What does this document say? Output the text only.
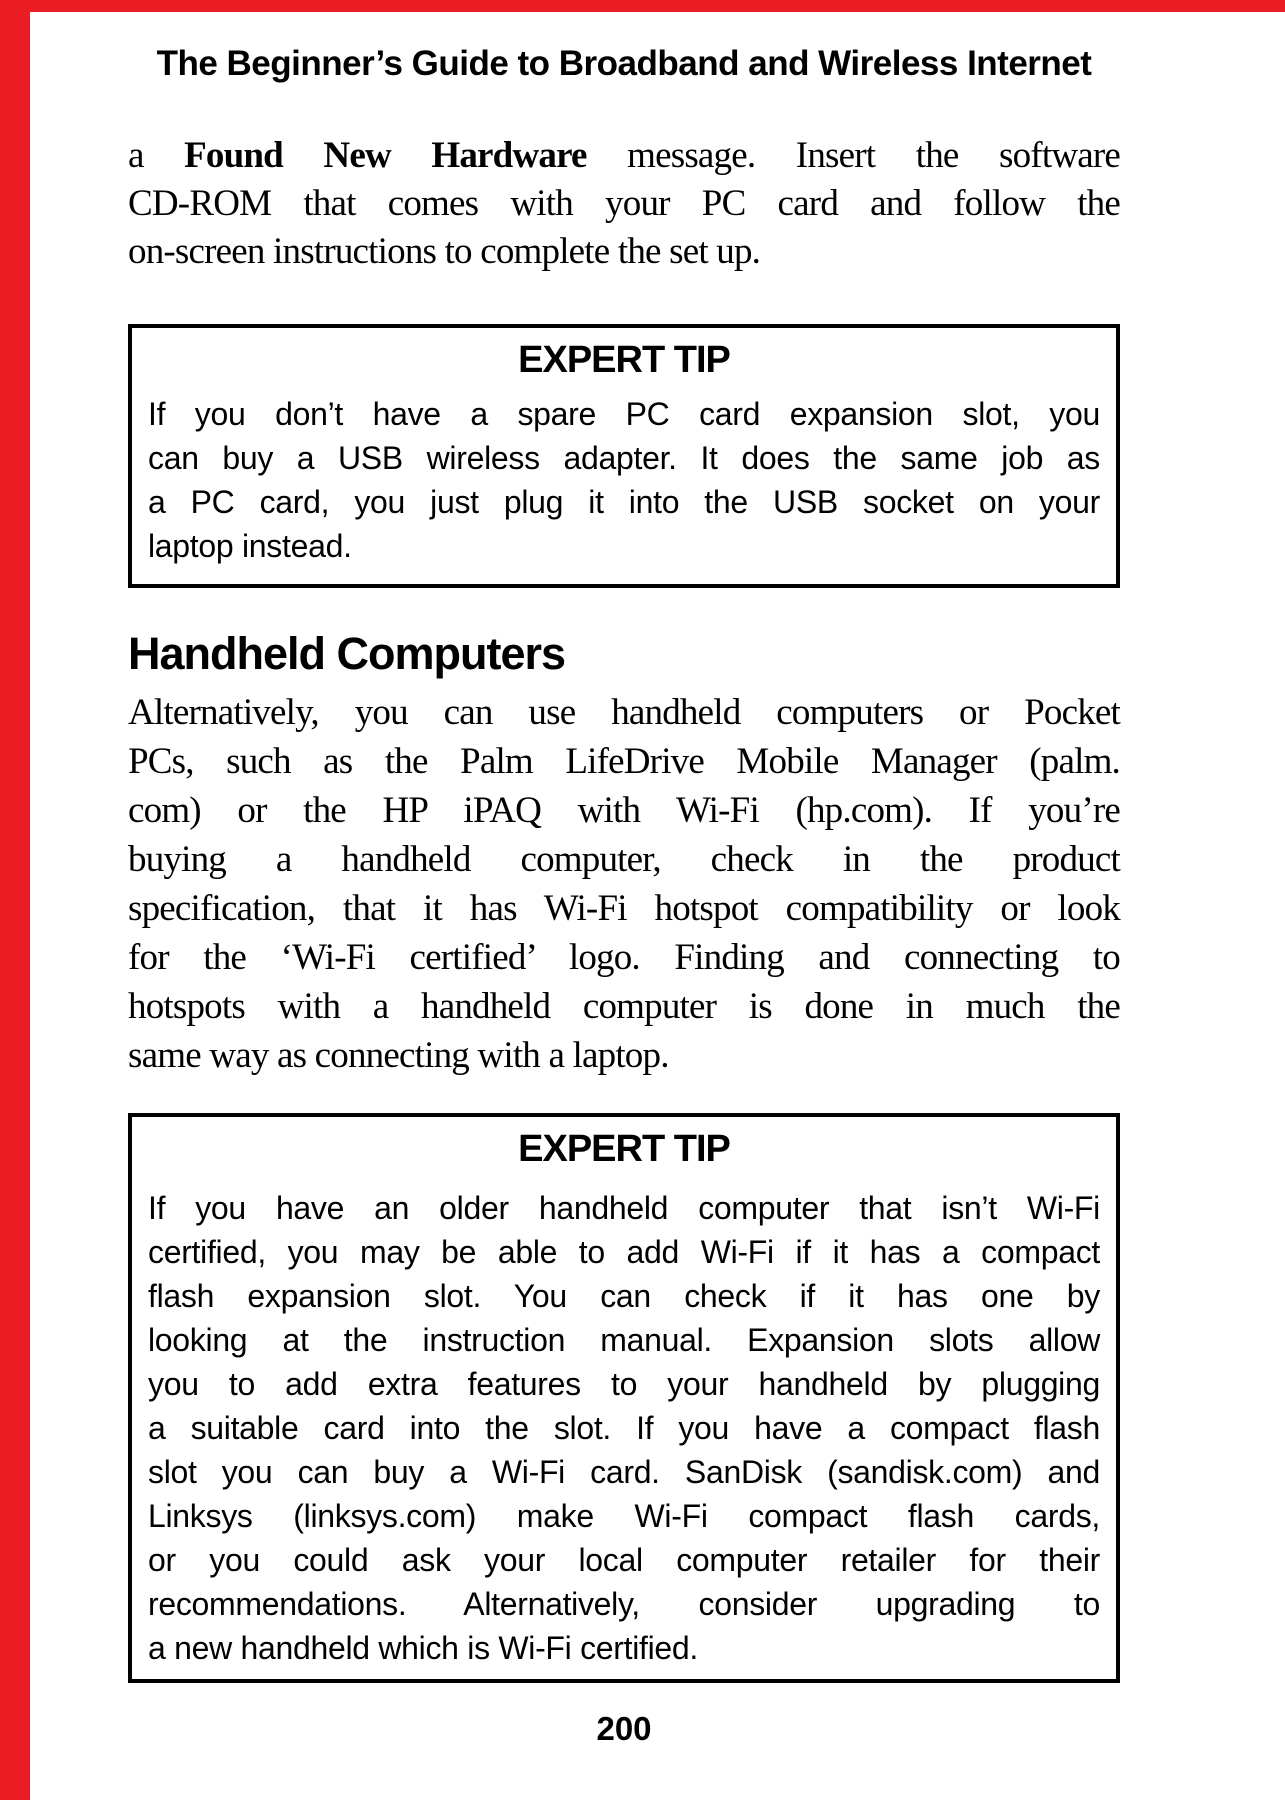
The Beginner’s Guide to Broadband and Wireless Internet
a Found New Hardware message. Insert the software
CD-ROM that comes with your PC card and follow the
on-screen instructions to complete the set up.
EXPERT TIP
If you don’t have a spare PC card expansion slot, you
can buy a USB wireless adapter. It does the same job as
a PC card, you just plug it into the USB socket on your
laptop instead.
Handheld Computers
Alternatively, you can use handheld computers or Pocket
PCs, such as the Palm LifeDrive Mobile Manager (palm.
com) or the HP iPAQ with Wi-Fi (hp.com). If you’re
buying a handheld computer, check in the product
specification, that it has Wi-Fi hotspot compatibility or look
for the ‘Wi-Fi certified’ logo. Finding and connecting to
hotspots with a handheld computer is done in much the
same way as connecting with a laptop.
EXPERT TIP
If you have an older handheld computer that isn’t Wi-Fi
certified, you may be able to add Wi-Fi if it has a compact
flash expansion slot. You can check if it has one by
looking at the instruction manual. Expansion slots allow
you to add extra features to your handheld by plugging
a suitable card into the slot. If you have a compact flash
slot you can buy a Wi-Fi card. SanDisk (sandisk.com) and
Linksys (linksys.com) make Wi-Fi compact flash cards,
or you could ask your local computer retailer for their
recommendations. Alternatively, consider upgrading to
a new handheld which is Wi-Fi certified.
200
